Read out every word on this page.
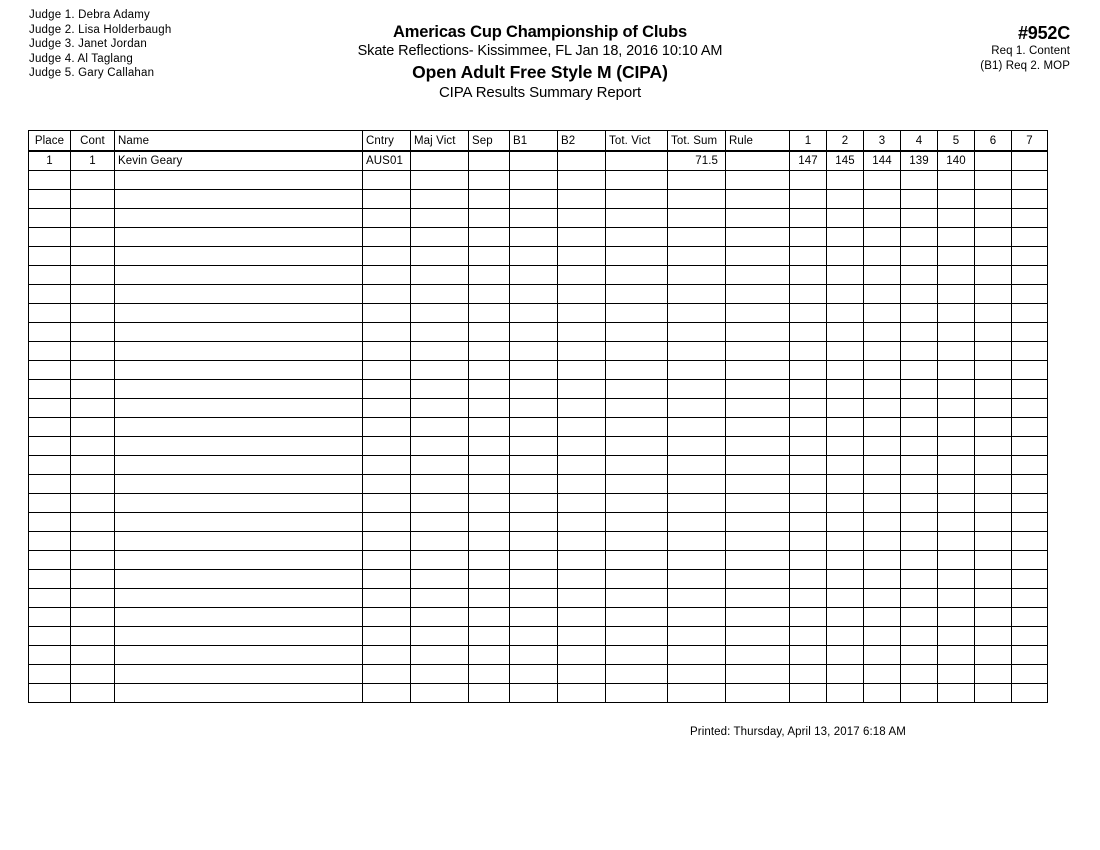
Judge 1. Debra Adamy
Judge 2. Lisa Holderbaugh
Judge 3. Janet Jordan
Judge 4. Al Taglang
Judge 5. Gary Callahan
Americas Cup Championship of Clubs
Skate Reflections- Kissimmee, FL Jan 18, 2016 10:10 AM
Open Adult Free Style M (CIPA)
CIPA Results Summary Report
#952C
Req 1. Content
(B1) Req 2. MOP
Place	Cont	Name	Cntry	Maj Vict	Sep	B1	B2	Tot. Vict	Tot. Sum	Rule	1	2	3	4	5	6	7
1	1	Kevin Geary	AUS01						71.5		147	145	144	139	140		

Printed: Thursday, April 13, 2017 6:18 AM
